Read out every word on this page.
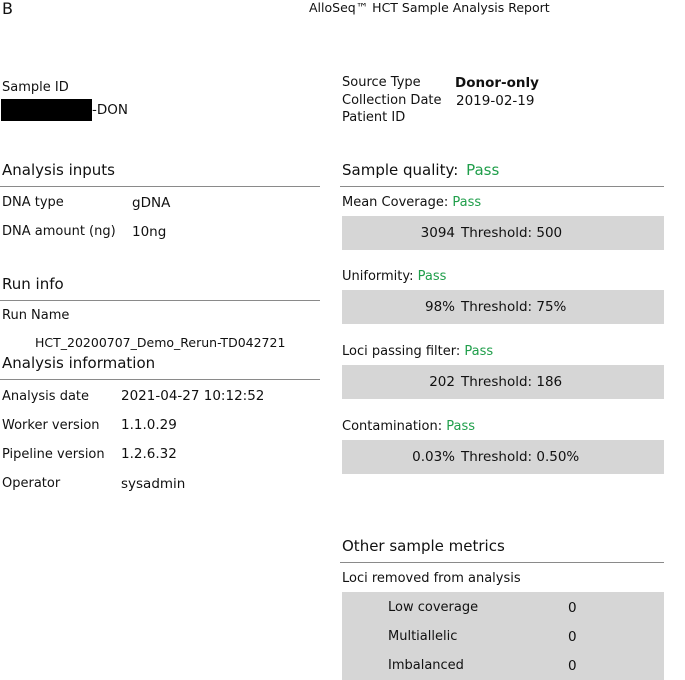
B	AlloSeq™ HCT Sample Analysis Report
Sample ID
-DON
Source Type	Donor-only
Collection Date 2019-02-19
Patient ID
Analysis inputs
DNA type	gDNA
DNA amount (ng) 10ng
Run info
Run Name
HCT_20200707_Demo_Rerun-TD042721
Analysis information
Analysis date 2021-04-27 10:12:52
Worker version 1.1.0.29
Pipeline version 1.2.6.32
Operator	sysadmin
Sample quality: Pass
Mean Coverage: Pass
3094 Threshold: 500
Uniformity: Pass
98% Threshold: 75%
Loci passing filter: Pass
202 Threshold: 186
Contamination: Pass
0.03% Threshold: 0.50%
Other sample metrics
Loci removed from analysis
Low coverage	0
Multiallelic	0
Imbalanced	0
